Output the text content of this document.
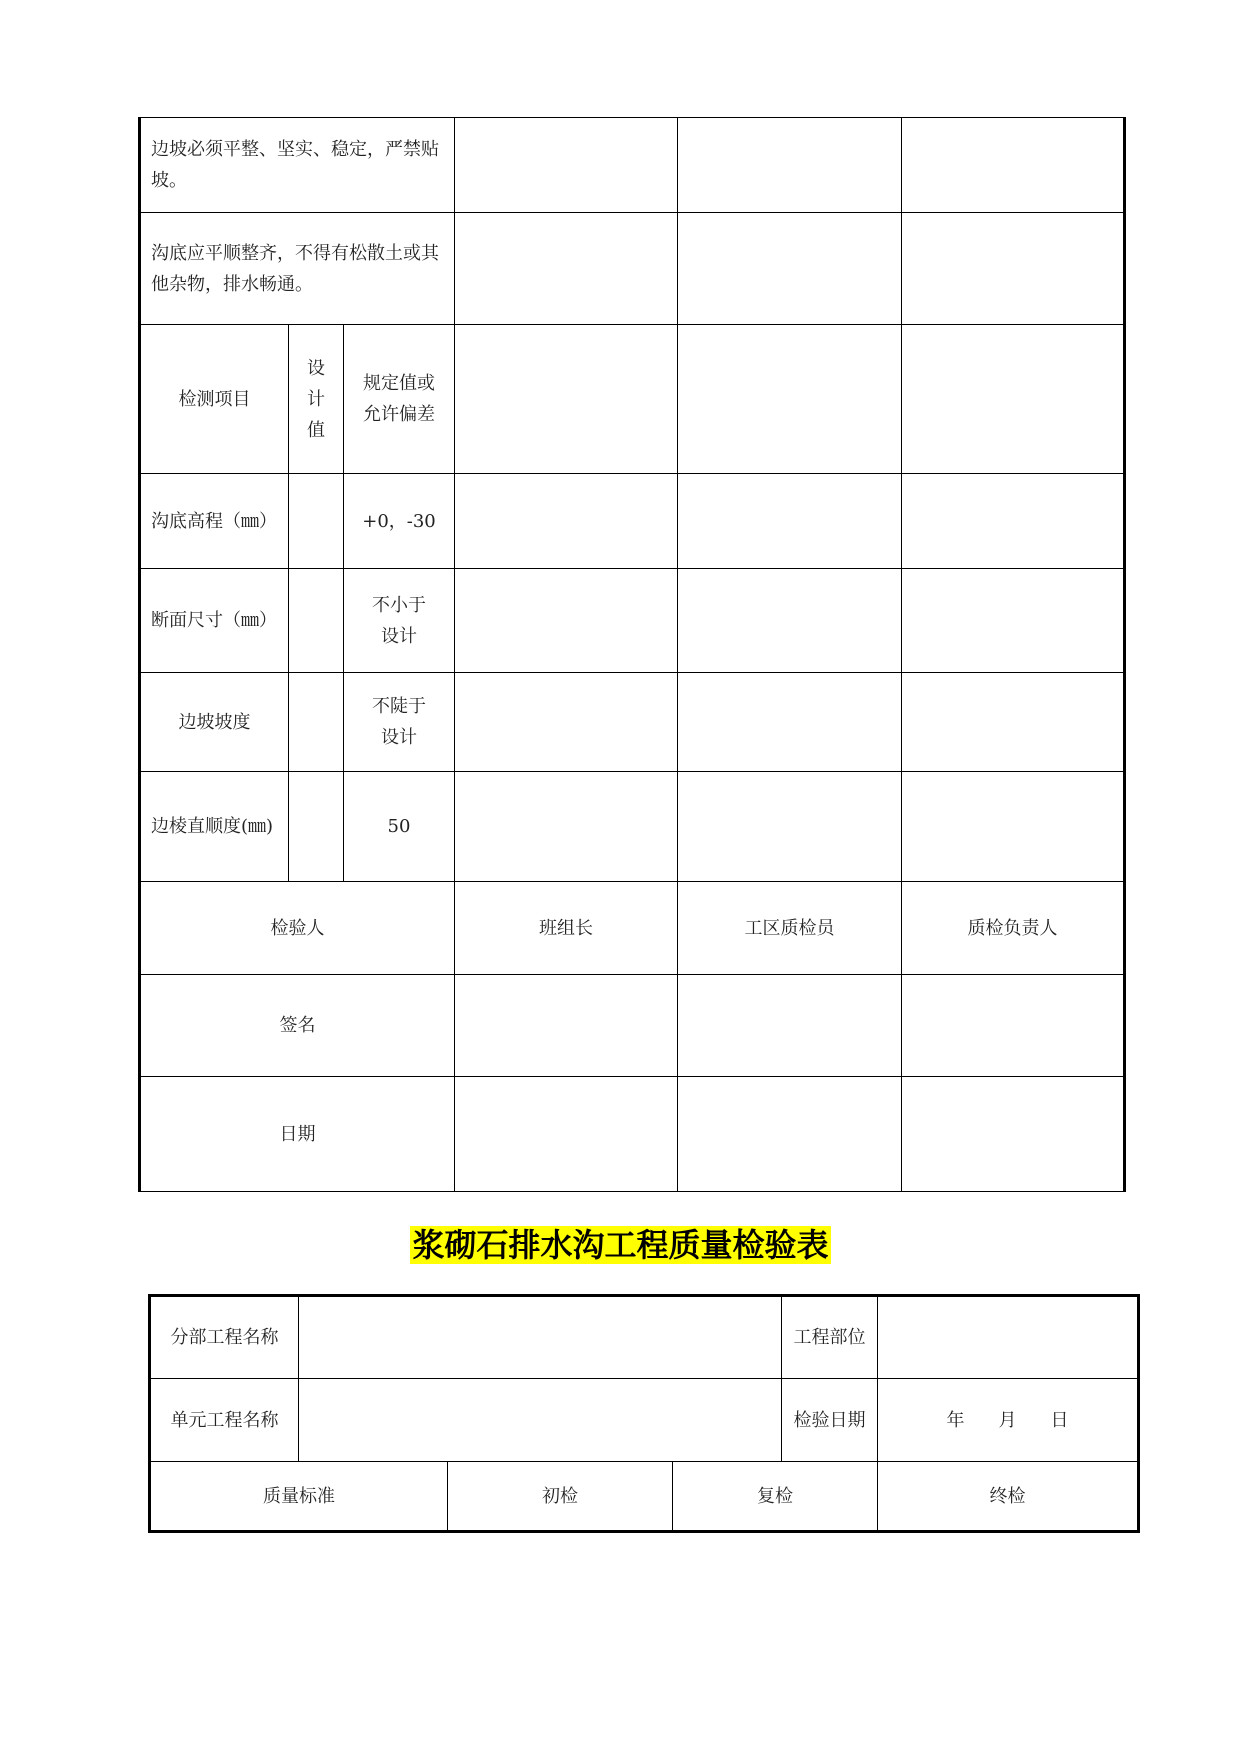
边坡必须平整、坚实、稳定，严禁贴坡。					
沟底应平顺整齐，不得有松散土或其他杂物，排水畅通。					
检测项目	设计值	规定值或允许偏差			
沟底高程（㎜）		+0，-30			
断面尺寸（㎜）		不小于设计			
边坡坡度		不陡于设计			
边棱直顺度(㎜)		50			
检验人			班组长	工区质检员	质检负责人
签名					
日期					
浆砌石排水沟工程质量检验表
分部工程名称				工程部位	
单元工程名称				检验日期	年 月 日
质量标准		初检	复检		终检
